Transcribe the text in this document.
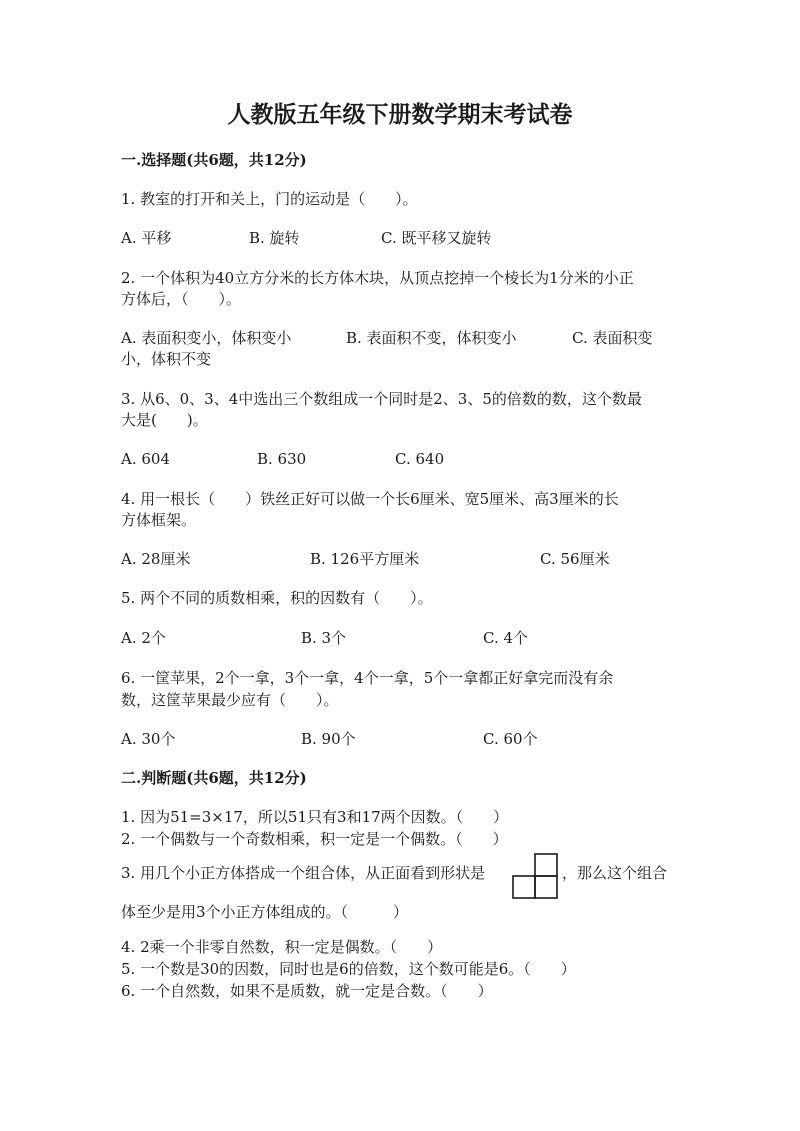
人教版五年级下册数学期末考试卷
一.选择题(共6题，共12分)
1. 教室的打开和关上，门的运动是（　　）。
A. 平移	B. 旋转	C. 既平移又旋转
2. 一个体积为40立方分米的长方体木块，从顶点挖掉一个棱长为1分米的小正
方体后，（　　）。
A. 表面积变小，体积变小	B. 表面积不变，体积变小	C. 表面积变
小，体积不变
3. 从6、0、3、4中选出三个数组成一个同时是2、3、5的倍数的数，这个数最
大是(　　)。
A. 604	B. 630	C. 640
4. 用一根长（　　）铁丝正好可以做一个长6厘米、宽5厘米、高3厘米的长
方体框架。
A. 28厘米	B. 126平方厘米	C. 56厘米
5. 两个不同的质数相乘，积的因数有（　　）。
A. 2个	B. 3个	C. 4个
6. 一筐苹果，2个一拿，3个一拿，4个一拿，5个一拿都正好拿完而没有余
数，这筐苹果最少应有（　　）。
A. 30个	B. 90个	C. 60个
二.判断题(共6题，共12分)
1. 因为51=3×17，所以51只有3和17两个因数。（　　）
2. 一个偶数与一个奇数相乘，积一定是一个偶数。（　　）
3. 用几个小正方体搭成一个组合体，从正面看到形状是	，那么这个组合
体至少是用3个小正方体组成的。（　　　）
4. 2乘一个非零自然数，积一定是偶数。（　　）
5. 一个数是30的因数，同时也是6的倍数，这个数可能是6。（　　）
6. 一个自然数，如果不是质数，就一定是合数。（　　）
